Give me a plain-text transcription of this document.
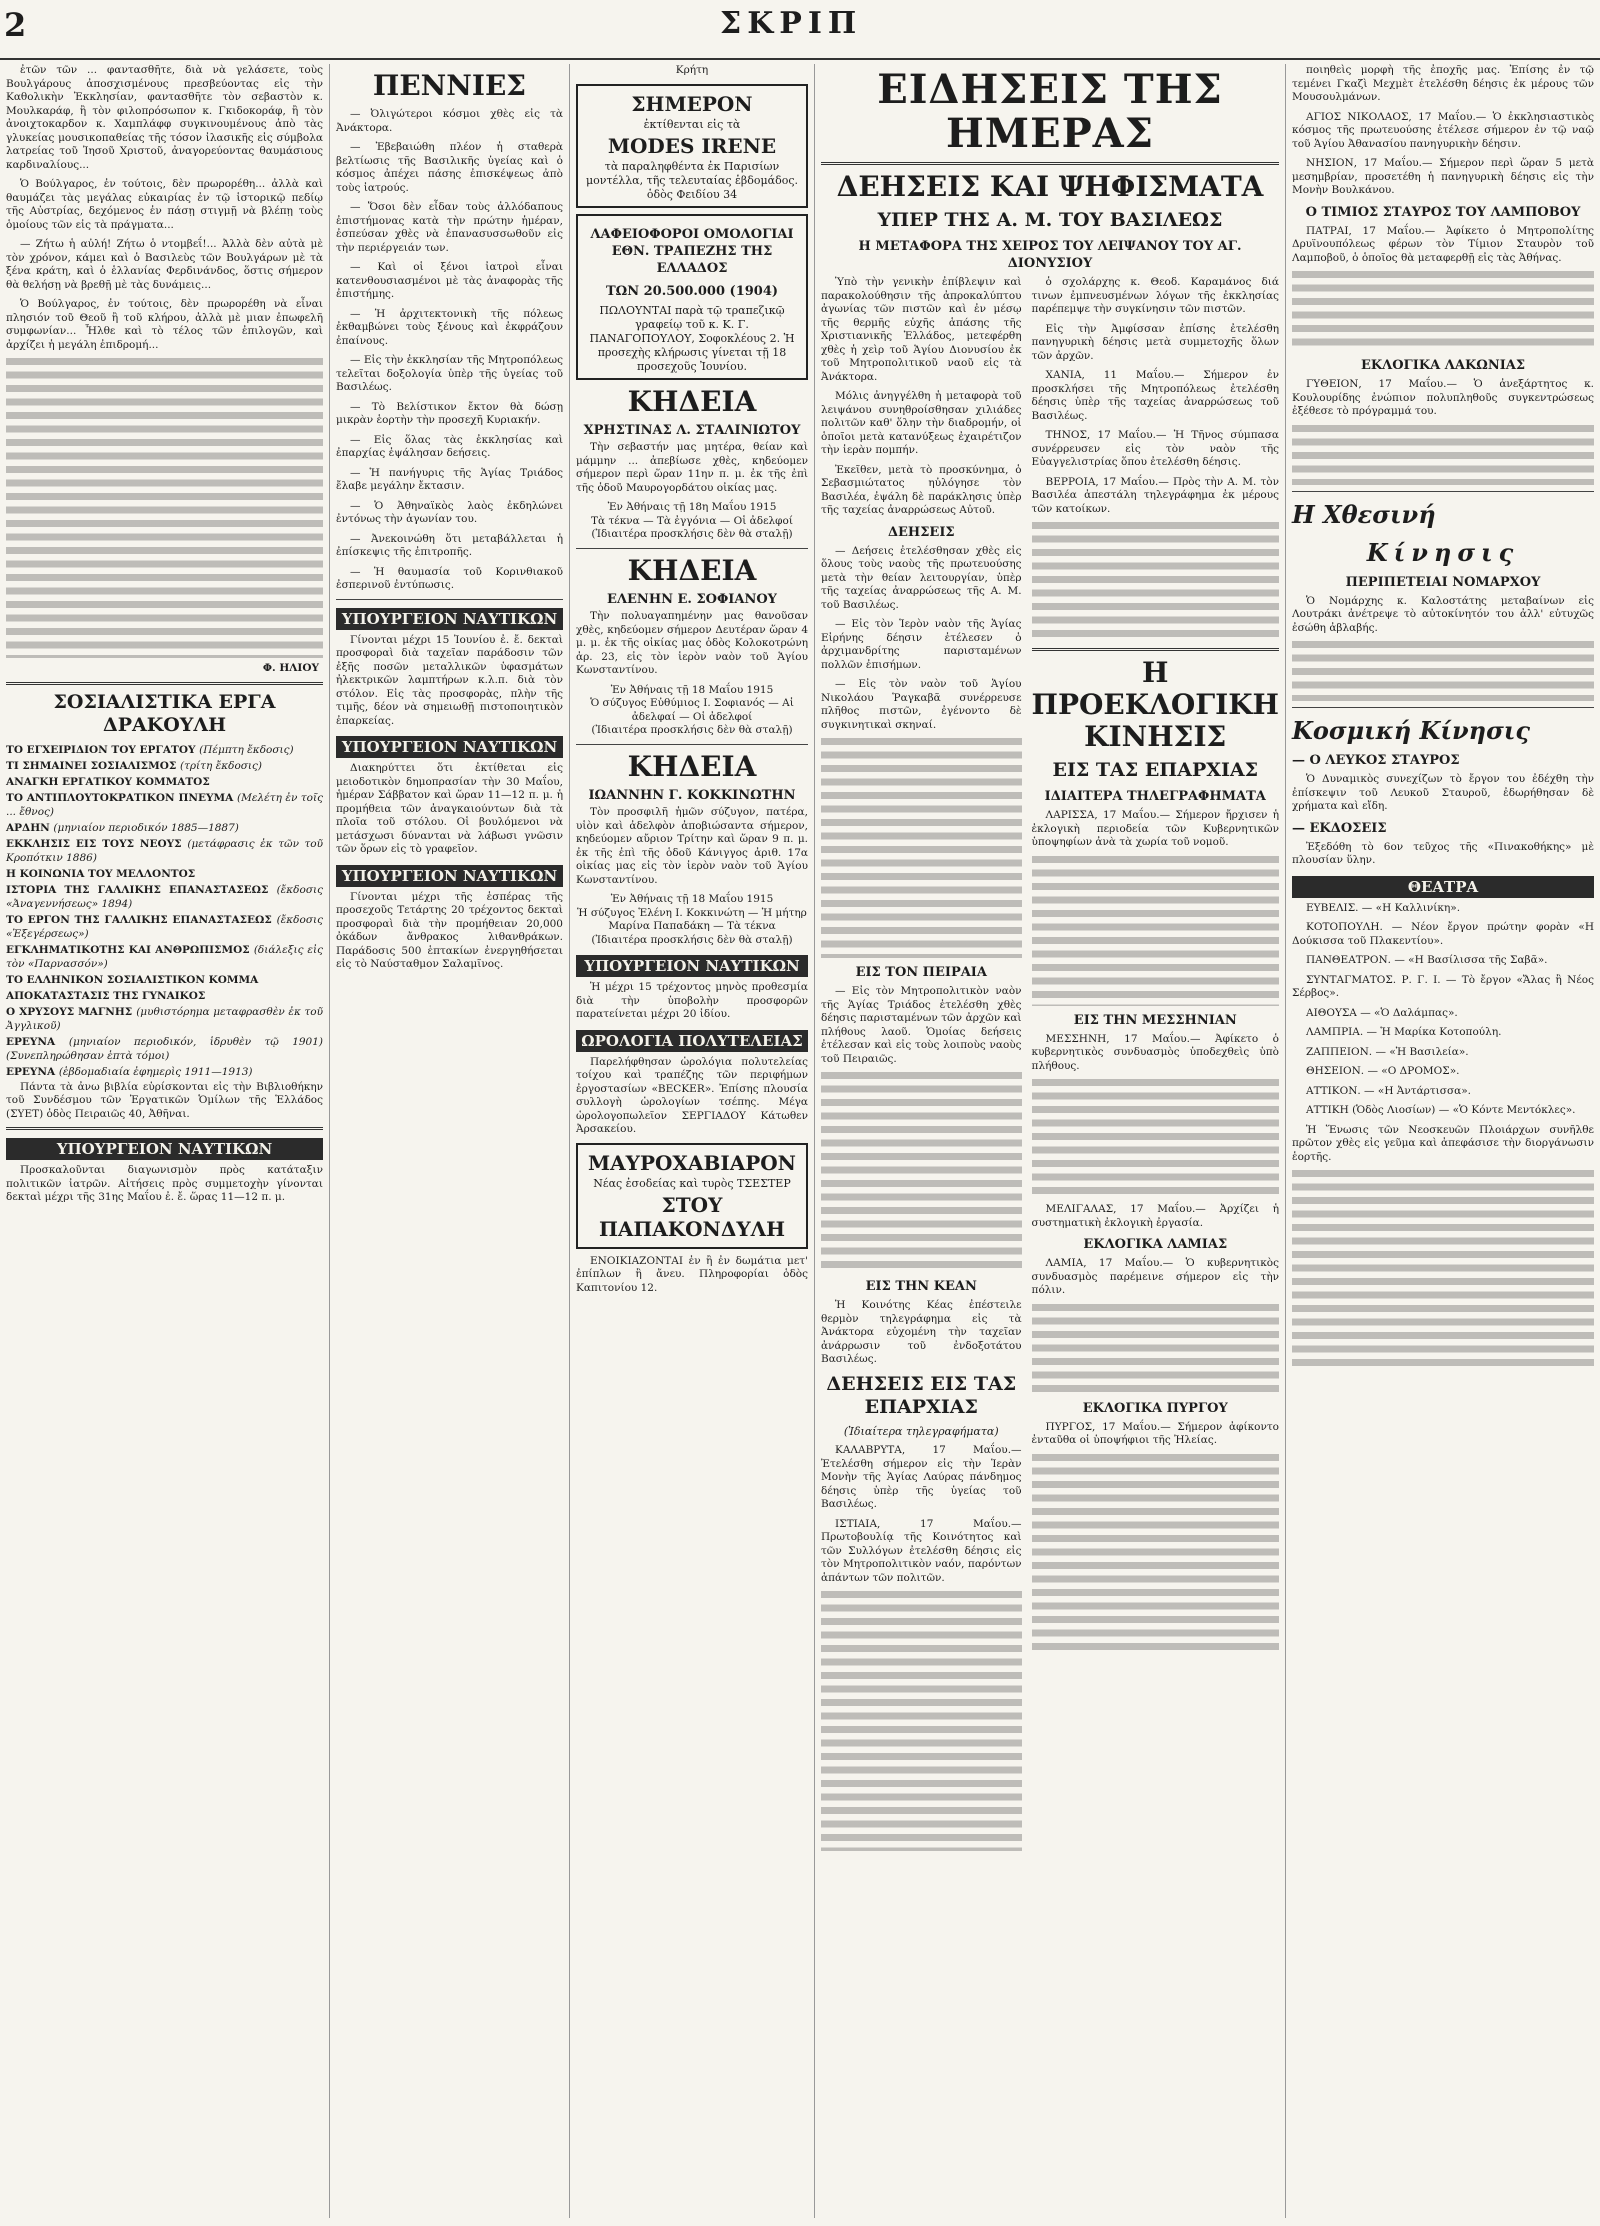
2	ΣΚΡΙΠ

ἐτῶν τῶν ... φαντασθῆτε, διὰ νὰ γελάσετε, τοὺς Βουλγάρους ἀποσχισμένους πρεσβεύοντας εἰς τὴν Καθολικὴν Ἐκκλησίαν, φαντασθῆτε τὸν σεβαστὸν κ. Μουλκαράφ, ἢ τὸν φιλοπρόσωπον κ. Γκιδοκοράφ, ἢ τὸν ἀνοιχτοκαρδον κ. Χαμπλάφφ συγκινουμένους ἀπὸ τὰς γλυκείας μουσικοπαθείας τῆς τόσον ἰλασικῆς εἰς σύμβολα λατρείας τοῦ Ἰησοῦ Χριστοῦ, ἀναγορεύοντας θαυμάσιους καρδιναλίους...

Ὁ Βούλγαρος, ἐν τούτοις, δὲν πρωρορέθη... ἀλλὰ καὶ θαυμάζει τὰς μεγάλας εὐκαιρίας ἐν τῷ ἱστορικῷ πεδίῳ τῆς Αὐστρίας, δεχόμενος ἐν πάσῃ στιγμῇ νὰ βλέπῃ τοὺς ὁμοίους τῶν εἰς τὰ πράγματα...

— Ζήτω ἡ αὐλή! Ζήτω ὁ ντομβεΐ!... Ἀλλὰ δὲν αὐτὰ μὲ τὸν χρόνον, κάμει καὶ ὁ Βασιλεὺς τῶν Βουλγάρων μὲ τὰ ξένα κράτη, καὶ ὁ ἑλλανίας Φερδινάνδος, ὅστις σήμερον θὰ θελήσῃ νὰ βρεθῇ μὲ τὰς δυνάμεις...

Ὁ Βούλγαρος, ἐν τούτοις, δὲν πρωρορέθη νὰ εἶναι πλησιόν τοῦ Θεοῦ ἢ τοῦ κλήρου, ἀλλὰ μὲ μιαν ἐπωφελῆ συμφωνίαν... Ἦλθε καὶ τὸ τέλος τῶν ἐπιλογῶν, καὶ ἀρχίζει ἡ μεγάλη ἐπιδρομή...

Φ. ΗΛΙΟΥ
ΣΟΣΙΑΛΙΣΤΙΚΑ ΕΡΓΑ ΔΡΑΚΟΥΛΗ
ΤΟ ΕΓΧΕΙΡΙΔΙΟΝ ΤΟΥ ΕΡΓΑΤΟΥ (Πέμπτη ἔκδοσις)
ΤΙ ΣΗΜΑΙΝΕΙ ΣΟΣΙΑΛΙΣΜΟΣ (τρίτη ἔκδοσις)
ΑΝΑΓΚΗ ΕΡΓΑΤΙΚΟΥ ΚΟΜΜΑΤΟΣ
ΤΟ ΑΝΤΙΠΛΟΥΤΟΚΡΑΤΙΚΟΝ ΠΝΕΥΜΑ (Μελέτη ἐν τοῖς ... ἔθνος)
ΑΡΔΗΝ (μηνιαίον περιοδικόν 1885—1887)
ΕΚΚΛΗΣΙΣ ΕΙΣ ΤΟΥΣ ΝΕΟΥΣ (μετάφρασις ἐκ τῶν τοῦ Κροπότκιν 1886)
Η ΚΟΙΝΩΝΙΑ ΤΟΥ ΜΕΛΛΟΝΤΟΣ
ΙΣΤΟΡΙΑ ΤΗΣ ΓΑΛΛΙΚΗΣ ΕΠΑΝΑΣΤΑΣΕΩΣ (ἔκδοσις «Ἀναγεννήσεως» 1894)
ΤΟ ΕΡΓΟΝ ΤΗΣ ΓΑΛΛΙΚΗΣ ΕΠΑΝΑΣΤΑΣΕΩΣ (ἔκδοσις «Ἐξεγέρσεως»)
ΕΓΚΛΗΜΑΤΙΚΟΤΗΣ ΚΑΙ ΑΝΘΡΩΠΙΣΜΟΣ (διάλεξις εἰς τὸν «Παρνασσόν»)
ΤΟ ΕΛΛΗΝΙΚΟΝ ΣΟΣΙΑΛΙΣΤΙΚΟΝ ΚΟΜΜΑ
ΑΠΟΚΑΤΑΣΤΑΣΙΣ ΤΗΣ ΓΥΝΑΙΚΟΣ
Ο ΧΡΥΣΟΥΣ ΜΑΓΝΗΣ (μυθιστόρημα μεταφρασθὲν ἐκ τοῦ Ἀγγλικοῦ)
ΕΡΕΥΝΑ (μηνιαίον περιοδικόν, ἱδρυθὲν τῷ 1901) (Συνεπληρώθησαν ἑπτὰ τόμοι)
ΕΡΕΥΝΑ (ἑβδομαδιαία ἐφημερὶς 1911—1913)

Πάντα τὰ ἀνω βιβλία εὑρίσκονται εἰς τὴν Βιβλιοθήκην τοῦ Συνδέσμου τῶν Ἐργατικῶν Ὁμίλων τῆς Ἑλλάδος (ΣΥΕΤ) ὁδὸς Πειραιῶς 40, Ἀθῆναι.

ΥΠΟΥΡΓΕΙΟΝ ΝΑΥΤΙΚΩΝ

Προσκαλοῦνται διαγωνισμὸν πρὸς κατάταξιν πολιτικῶν ἰατρῶν. Αἰτήσεις πρὸς συμμετοχὴν γίνονται δεκταὶ μέχρι τῆς 31ης Μαΐου ἐ. ἔ. ὥρας 11—12 π. μ.

ΠΕΝΝΙΕΣ

— Ὀλιγώτεροι κόσμοι χθὲς εἰς τὰ Ἀνάκτορα.

— Ἐβεβαιώθη πλέον ἡ σταθερὰ βελτίωσις τῆς Βασιλικῆς ὑγείας καὶ ὁ κόσμος ἀπέχει πάσης ἐπισκέψεως ἀπὸ τοὺς ἰατρούς.

— Ὅσοι δὲν εἶδαν τοὺς ἀλλόδαπους ἐπιστήμονας κατὰ τὴν πρώτην ἡμέραν, ἐσπεύσαν χθὲς νὰ ἐπανασυσσωθοῦν εἰς τὴν περιέργειάν των.

— Καὶ οἱ ξένοι ἰατροὶ εἶναι κατενθουσιασμένοι μὲ τὰς ἀναφορὰς τῆς ἐπιστήμης.

— Ἡ ἀρχιτεκτονικὴ τῆς πόλεως ἐκθαμβώνει τοὺς ξένους καὶ ἐκφράζουν ἐπαίνους.

— Εἰς τὴν ἐκκλησίαν τῆς Μητροπόλεως τελεῖται δοξολογία ὑπὲρ τῆς ὑγείας τοῦ Βασιλέως.

— Τὸ Βελίστικον ἔκτον θὰ δώσῃ μικρὰν ἑορτὴν τὴν προσεχῆ Κυριακήν.

— Εἰς ὅλας τὰς ἐκκλησίας καὶ ἐπαρχίας ἐψάλησαν δεήσεις.

— Ἡ πανήγυρις τῆς Ἁγίας Τριάδος ἔλαβε μεγάλην ἔκτασιν.

— Ὁ Ἀθηναϊκὸς λαὸς ἐκδηλώνει ἐντόνως τὴν ἀγωνίαν του.

— Ἀνεκοινώθη ὅτι μεταβάλλεται ἡ ἐπίσκεψις τῆς ἐπιτροπῆς.

— Ἡ θαυμασία τοῦ Κορινθιακοῦ ἐσπερινοῦ ἐντύπωσις.

ΥΠΟΥΡΓΕΙΟΝ ΝΑΥΤΙΚΩΝ

Γίνονται μέχρι 15 Ἰουνίου ἐ. ἔ. δεκταὶ προσφοραὶ διὰ ταχεῖαν παράδοσιν τῶν ἐξῆς ποσῶν μεταλλικῶν ὑφασμάτων ἠλεκτρικῶν λαμπτήρων κ.λ.π. διὰ τὸν στόλον. Εἰς τὰς προσφορὰς, πλὴν τῆς τιμῆς, δέον νὰ σημειωθῇ πιστοποιητικὸν ἐπαρκείας.

ΥΠΟΥΡΓΕΙΟΝ ΝΑΥΤΙΚΩΝ

Διακηρύττει ὅτι ἐκτίθεται εἰς μειοδοτικὸν δημοπρασίαν τὴν 30 Μαΐου, ἡμέραν Σάββατον καὶ ὥραν 11—12 π. μ. ἡ προμήθεια τῶν ἀναγκαιούντων διὰ τὰ πλοῖα τοῦ στόλου. Οἱ βουλόμενοι νὰ μετάσχωσι δύνανται νὰ λάβωσι γνῶσιν τῶν ὅρων εἰς τὸ γραφεῖον.

ΥΠΟΥΡΓΕΙΟΝ ΝΑΥΤΙΚΩΝ

Γίνονται μέχρι τῆς ἑσπέρας τῆς προσεχοῦς Τετάρτης 20 τρέχοντος δεκταὶ προσφοραὶ διὰ τὴν προμήθειαν 20,000 ὀκάδων ἄνθρακος λιθανθράκων. Παράδοσις 500 ἑπτακίων ἐνεργηθήσεται εἰς τὸ Ναύσταθμον Σαλαμῖνος.

Κρήτη
ΣΗΜΕΡΟΝ
ἐκτίθενται εἰς τὰ
MODES IRENE
τὰ παραληφθέντα ἐκ Παρισίων μοντέλλα, τῆς τελευταίας ἑβδομάδος.
ὁδὸς Φειδίου 34
ΛΑΦΕΙΟΦΟΡΟΙ ΟΜΟΛΟΓΙΑΙ ΕΘΝ. ΤΡΑΠΕΖΗΣ ΤΗΣ ΕΛΛΑΔΟΣ
ΤΩΝ 20.500.000 (1904)
ΠΩΛΟΥΝΤΑΙ παρὰ τῷ τραπεζικῷ γραφείῳ τοῦ κ. Κ. Γ. ΠΑΝΑΓΟΠΟΥΛΟΥ, Σοφοκλέους 2. Ἡ προσεχὴς κλήρωσις γίνεται τῇ 18 προσεχοῦς Ἰουνίου.
ΚΗΔΕΙΑ
ΧΡΗΣΤΙΝΑΣ Λ. ΣΤΑΛΙΝΙΩΤΟΥ

Τὴν σεβαστήν μας μητέρα, θείαν καὶ μάμμην ... ἀπεβίωσε χθὲς, κηδεύομεν σήμερον περὶ ὥραν 11ην π. μ. ἐκ τῆς ἐπὶ τῆς ὁδοῦ Μαυρογορδάτου οἰκίας μας.

Ἐν Ἀθήναις τῇ 18η Μαΐου 1915
Τὰ τέκνα — Τὰ ἐγγόνια — Οἱ ἀδελφοί
(Ἰδιαιτέρα προσκλήσις δὲν θὰ σταλῇ)
ΚΗΔΕΙΑ
ΕΛΕΝΗΝ Ε. ΣΟΦΙΑΝΟΥ

Τὴν πολυαγαπημένην μας θανοῦσαν χθὲς, κηδεύομεν σήμερον Δευτέραν ὥραν 4 μ. μ. ἐκ τῆς οἰκίας μας ὁδὸς Κολοκοτρώνη ἀρ. 23, εἰς τὸν ἱερὸν ναὸν τοῦ Ἁγίου Κωνσταντίνου.

Ἐν Ἀθήναις τῇ 18 Μαΐου 1915
Ὁ σύζυγος Εὐθύμιος Ι. Σοφιανός — Αἱ ἀδελφαί — Οἱ ἀδελφοί
(Ἰδιαιτέρα προσκλήσις δὲν θὰ σταλῇ)
ΚΗΔΕΙΑ
ΙΩΑΝΝΗΝ Γ. ΚΟΚΚΙΝΩΤΗΝ

Τὸν προσφιλῆ ἡμῶν σύζυγον, πατέρα, υἱὸν καὶ ἀδελφὸν ἀποβιώσαντα σήμερον, κηδεύομεν αὔριον Τρίτην καὶ ὥραν 9 π. μ. ἐκ τῆς ἐπὶ τῆς ὁδοῦ Κάνιγγος ἀριθ. 17α οἰκίας μας εἰς τὸν ἱερὸν ναὸν τοῦ Ἁγίου Κωνσταντίνου.

Ἐν Ἀθήναις τῇ 18 Μαΐου 1915
Ἡ σύζυγος Ἑλένη Ι. Κοκκινώτη — Ἡ μήτηρ Μαρίνα Παπαδάκη — Τὰ τέκνα
(Ἰδιαιτέρα προσκλήσις δὲν θὰ σταλῇ)
ΥΠΟΥΡΓΕΙΟΝ ΝΑΥΤΙΚΩΝ

Ἡ μέχρι 15 τρέχοντος μηνὸς προθεσμία διὰ τὴν ὑποβολὴν προσφορῶν παρατείνεται μέχρι 20 ἰδίου.

ΩΡΟΛΟΓΙΑ ΠΟΛΥΤΕΛΕΙΑΣ

Παρελήφθησαν ὡρολόγια πολυτελείας τοίχου καὶ τραπέζης τῶν περιφήμων ἐργοστασίων «BECKER». Ἐπίσης πλουσία συλλογὴ ὡρολογίων τσέπης. Μέγα ὡρολογοπωλεῖον ΣΕΡΓΙΑΔΟΥ Κάτωθεν Ἀρσακείου.

ΜΑΥΡΟΧΑΒΙΑΡΟΝ
Νέας ἐσοδείας καὶ τυρὸς ΤΣΕΣΤΕΡ
ΣΤΟΥ ΠΑΠΑΚΟΝΔΥΛΗ

ΕΝΟΙΚΙΑΖΟΝΤΑΙ ἐν ἢ ἐν δωμάτια μετ' ἐπίπλων ἢ ἄνευ. Πληροφορίαι ὁδὸς Καπιτονίου 12.

ΕΙΔΗΣΕΙΣ ΤΗΣ ΗΜΕΡΑΣ
ΔΕΗΣΕΙΣ ΚΑΙ ΨΗΦΙΣΜΑΤΑ
ΥΠΕΡ ΤΗΣ Α. Μ. ΤΟΥ ΒΑΣΙΛΕΩΣ
Η ΜΕΤΑΦΟΡΑ ΤΗΣ ΧΕΙΡΟΣ ΤΟΥ ΛΕΙΨΑΝΟΥ ΤΟΥ ΑΓ. ΔΙΟΝΥΣΙΟΥ

Ὑπὸ τὴν γενικὴν ἐπίβλεψιν καὶ παρακολούθησιν τῆς ἀπροκαλύπτου ἀγωνίας τῶν πιστῶν καὶ ἐν μέσῳ τῆς θερμῆς εὐχῆς ἁπάσης τῆς Χριστιανικῆς Ἑλλάδος, μετεφέρθη χθὲς ἡ χεὶρ τοῦ Ἁγίου Διονυσίου ἐκ τοῦ Μητροπολιτικοῦ ναοῦ εἰς τὰ Ἀνάκτορα.

Μόλις ἀνηγγέλθη ἡ μεταφορὰ τοῦ λειψάνου συνηθροίσθησαν χιλιάδες πολιτῶν καθ' ὅλην τὴν διαδρομήν, οἱ ὁποῖοι μετὰ κατανύξεως ἐχαιρέτιζον τὴν ἱερὰν πομπήν.

Ἐκεῖθεν, μετὰ τὸ προσκύνημα, ὁ Σεβασμιώτατος ηὐλόγησε τὸν Βασιλέα, ἐψάλη δὲ παράκλησις ὑπὲρ τῆς ταχείας ἀναρρώσεως Αὐτοῦ.

ΔΕΗΣΕΙΣ

— Δεήσεις ἐτελέσθησαν χθὲς εἰς ὅλους τοὺς ναοὺς τῆς πρωτευούσης μετὰ τὴν θείαν λειτουργίαν, ὑπὲρ τῆς ταχείας ἀναρρώσεως τῆς Α. Μ. τοῦ Βασιλέως.

— Εἰς τὸν Ἱερὸν ναὸν τῆς Ἁγίας Εἰρήνης δέησιν ἐτέλεσεν ὁ ἀρχιμανδρίτης παρισταμένων πολλῶν ἐπισήμων.

— Εἰς τὸν ναὸν τοῦ Ἁγίου Νικολάου Ῥαγκαβᾶ συνέρρευσε πλῆθος πιστῶν, ἐγένοντο δὲ συγκινητικαὶ σκηναί.

ΕΙΣ ΤΟΝ ΠΕΙΡΑΙΑ

— Εἰς τὸν Μητροπολιτικὸν ναὸν τῆς Ἁγίας Τριάδος ἐτελέσθη χθὲς δέησις παρισταμένων τῶν ἀρχῶν καὶ πλήθους λαοῦ. Ὁμοίας δεήσεις ἐτέλεσαν καὶ εἰς τοὺς λοιποὺς ναοὺς τοῦ Πειραιῶς.

ΕΙΣ ΤΗΝ ΚΕΑΝ

Ἡ Κοινότης Κέας ἐπέστειλε θερμὸν τηλεγράφημα εἰς τὰ Ἀνάκτορα εὐχομένη τὴν ταχεῖαν ἀνάρρωσιν τοῦ ἐνδοξοτάτου Βασιλέως.

ΔΕΗΣΕΙΣ ΕΙΣ ΤΑΣ ΕΠΑΡΧΙΑΣ
(Ἰδιαίτερα τηλεγραφήματα)

ΚΑΛΑΒΡΥΤΑ, 17 Μαΐου.— Ἐτελέσθη σήμερον εἰς τὴν Ἱερὰν Μονὴν τῆς Ἁγίας Λαύρας πάνδημος δέησις ὑπὲρ τῆς ὑγείας τοῦ Βασιλέως.

ΙΣΤΙΑΙΑ, 17 Μαΐου.— Πρωτοβουλίᾳ τῆς Κοινότητος καὶ τῶν Συλλόγων ἐτελέσθη δέησις εἰς τὸν Μητροπολιτικὸν ναόν, παρόντων ἁπάντων τῶν πολιτῶν.

ὁ σχολάρχης κ. Θεοδ. Καραμάνος διά τινων ἐμπνευσμένων λόγων τῆς ἐκκλησίας παρέπεμψε τὴν συγκίνησιν τῶν πιστῶν.

Εἰς τὴν Ἀμφίσσαν ἐπίσης ἐτελέσθη πανηγυρικὴ δέησις μετὰ συμμετοχῆς ὅλων τῶν ἀρχῶν.

ΧΑΝΙΑ, 11 Μαΐου.— Σήμερον ἐν προσκλήσει τῆς Μητροπόλεως ἐτελέσθη δέησις ὑπὲρ τῆς ταχείας ἀναρρώσεως τοῦ Βασιλέως.

ΤΗΝΟΣ, 17 Μαΐου.— Ἡ Τῆνος σύμπασα συνέρρευσεν εἰς τὸν ναὸν τῆς Εὐαγγελιστρίας ὅπου ἐτελέσθη δέησις.

ΒΕΡΡΟΙΑ, 17 Μαΐου.— Πρὸς τὴν Α. Μ. τὸν Βασιλέα ἀπεστάλη τηλεγράφημα ἐκ μέρους τῶν κατοίκων.

Η ΠΡΟΕΚΛΟΓΙΚΗ ΚΙΝΗΣΙΣ
ΕΙΣ ΤΑΣ ΕΠΑΡΧΙΑΣ
ΙΔΙΑΙΤΕΡΑ ΤΗΛΕΓΡΑΦΗΜΑΤΑ

ΛΑΡΙΣΣΑ, 17 Μαΐου.— Σήμερον ἤρχισεν ἡ ἐκλογικὴ περιοδεία τῶν Κυβερνητικῶν ὑποψηφίων ἀνὰ τὰ χωρία τοῦ νομοῦ.

ΕΙΣ ΤΗΝ ΜΕΣΣΗΝΙΑΝ

ΜΕΣΣΗΝΗ, 17 Μαΐου.— Ἀφίκετο ὁ κυβερνητικὸς συνδυασμὸς ὑποδεχθεὶς ὑπὸ πλήθους.

ΜΕΛΙΓΑΛΑΣ, 17 Μαΐου.— Ἀρχίζει ἡ συστηματικὴ ἐκλογικὴ ἐργασία.

ΕΚΛΟΓΙΚΑ ΛΑΜΙΑΣ

ΛΑΜΙΑ, 17 Μαΐου.— Ὁ κυβερνητικὸς συνδυασμὸς παρέμεινε σήμερον εἰς τὴν πόλιν.

ΕΚΛΟΓΙΚΑ ΠΥΡΓΟΥ

ΠΥΡΓΟΣ, 17 Μαΐου.— Σήμερον ἀφίκοντο ἐνταῦθα οἱ ὑποψήφιοι τῆς Ἠλείας.

ποιηθεὶς μορφὴ τῆς ἐποχῆς μας. Ἐπίσης ἐν τῷ τεμένει Γκαζὶ Μεχμὲτ ἐτελέσθη δέησις ἐκ μέρους τῶν Μουσουλμάνων.

ΑΓΙΟΣ ΝΙΚΟΛΑΟΣ, 17 Μαΐου.— Ὁ ἐκκλησιαστικὸς κόσμος τῆς πρωτευούσης ἐτέλεσε σήμερον ἐν τῷ ναῷ τοῦ Ἁγίου Ἀθανασίου πανηγυρικὴν δέησιν.

ΝΗΣΙΟΝ, 17 Μαΐου.— Σήμερον περὶ ὥραν 5 μετὰ μεσημβρίαν, προσετέθη ἡ πανηγυρικὴ δέησις εἰς τὴν Μονὴν Βουλκάνου.

Ο ΤΙΜΙΟΣ ΣΤΑΥΡΟΣ ΤΟΥ ΛΑΜΠΟΒΟΥ

ΠΑΤΡΑΙ, 17 Μαΐου.— Ἀφίκετο ὁ Μητροπολίτης Δρυϊνουπόλεως φέρων τὸν Τίμιον Σταυρὸν τοῦ Λαμποβοῦ, ὁ ὁποῖος θὰ μεταφερθῇ εἰς τὰς Ἀθήνας.

ΕΚΛΟΓΙΚΑ ΛΑΚΩΝΙΑΣ

ΓΥΘΕΙΟΝ, 17 Μαΐου.— Ὁ ἀνεξάρτητος κ. Κουλουρίδης ἐνώπιον πολυπληθοῦς συγκεντρώσεως ἐξέθεσε τὸ πρόγραμμά του.

Η Χθεσινή
Κίνησις
ΠΕΡΙΠΕΤΕΙΑΙ ΝΟΜΑΡΧΟΥ

Ὁ Νομάρχης κ. Καλοστάτης μεταβαίνων εἰς Λουτράκι ἀνέτρεψε τὸ αὐτοκίνητόν του ἀλλ' εὐτυχῶς ἐσώθη ἀβλαβής.

Κοσμική Κίνησις
— Ο ΛΕΥΚΟΣ ΣΤΑΥΡΟΣ

Ὁ Δυναμικὸς συνεχίζων τὸ ἔργον του ἐδέχθη τὴν ἐπίσκεψιν τοῦ Λευκοῦ Σταυροῦ, ἐδωρήθησαν δὲ χρήματα καὶ εἴδη.

— ΕΚΔΟΣΕΙΣ

Ἐξεδόθη τὸ 6ον τεῦχος τῆς «Πινακοθήκης» μὲ πλουσίαν ὕλην.

ΘΕΑΤΡΑ

ΕΥΒΕΛΙΣ. — «Η Καλλινίκη».

ΚΟΤΟΠΟΥΛΗ. — Νέον ἔργον πρώτην φορὰν «Η Δούκισσα τοῦ Πλακεντίου».

ΠΑΝΘΕΑΤΡΟΝ. — «Η Βασίλισσα τῆς Σαβᾶ».

ΣΥΝΤΑΓΜΑΤΟΣ. Ρ. Γ. Ι. — Τὸ ἔργον «Ἄλας ἢ Νέος Σέρβος».

ΑΙΘΟΥΣΑ — «Ὁ Δαλάμπας».

ΛΑΜΠΡΙΑ. — Ἡ Μαρίκα Κοτοπούλη.

ΖΑΠΠΕΙΟΝ. — «Ἡ Βασιλεία».

ΘΗΣΕΙΟΝ. — «Ο ΔΡΟΜΟΣ».

ΑΤΤΙΚΟΝ. — «Η Ἀντάρτισσα».

ΑΤΤΙΚΗ (Ὁδὸς Λιοσίων) — «Ὁ Κόντε Μεντόκλες».

Ἡ Ἕνωσις τῶν Νεοσκευῶν Πλοιάρχων συνῆλθε πρῶτον χθὲς εἰς γεῦμα καὶ ἀπεφάσισε τὴν διοργάνωσιν ἑορτῆς.
